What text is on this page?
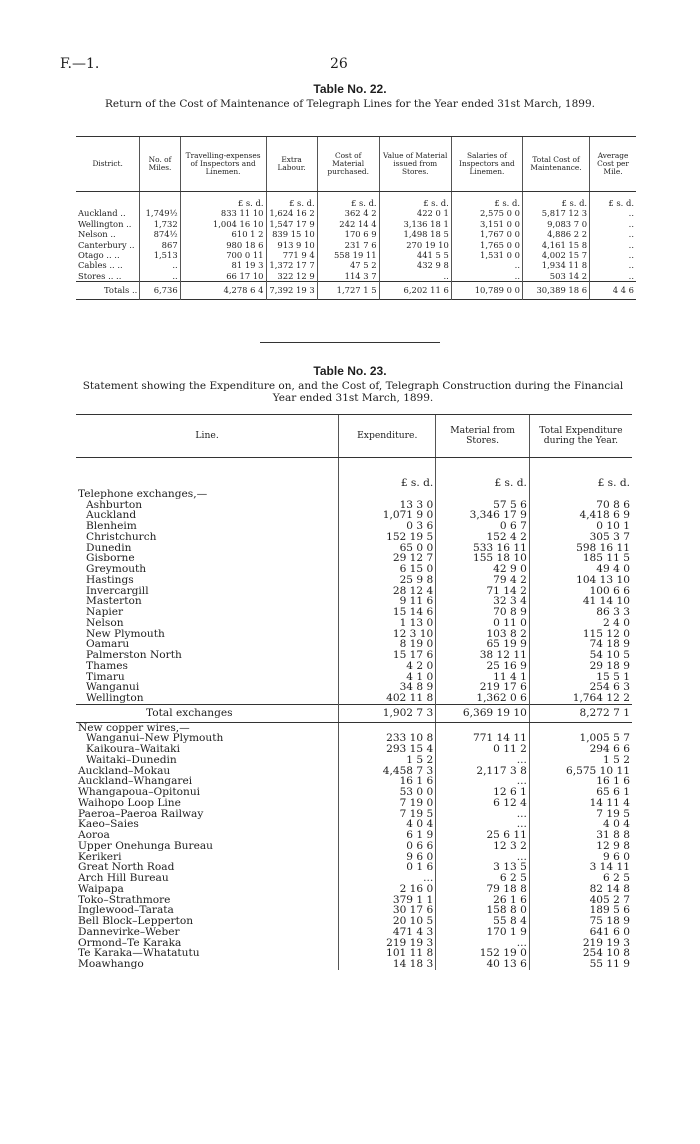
F.—1.	26
Table No. 22.
Return of the Cost of Maintenance of Telegraph Lines for the Year ended 31st March, 1899.

District.	No. of Miles.	Travelling-expenses of Inspectors and Linemen.	Extra Labour.	Cost of Material purchased.	Value of Material issued from Stores.	Salaries of Inspectors and Linemen.	Total Cost of Maintenance.	Average Cost per Mile.
		£ s. d.	£ s. d.	£ s. d.	£ s. d.	£ s. d.	£ s. d.	£ s. d.
Auckland ..	1,749½	833 11 10	1,624 16 2	362 4 2	422 0 1	2,575 0 0	5,817 12 3	..
Wellington ..	1,732	1,004 16 10	1,547 17 9	242 14 4	3,136 18 1	3,151 0 0	9,083 7 0	..
Nelson ..	874½	610 1 2	839 15 10	170 6 9	1,498 18 5	1,767 0 0	4,886 2 2	..
Canterbury ..	867	980 18 6	913 9 10	231 7 6	270 19 10	1,765 0 0	4,161 15 8	..
Otago .. ..	1,513	700 0 11	771 9 4	558 19 11	441 5 5	1,531 0 0	4,002 15 7	..
Cables .. ..	..	81 19 3	1,372 17 7	47 5 2	432 9 8	..	1,934 11 8	..
Stores .. ..	..	66 17 10	322 12 9	114 3 7	..	..	503 14 2	..
Totals ..	6,736	4,278 6 4	7,392 19 3	1,727 1 5	6,202 11 6	10,789 0 0	30,389 18 6	4 4 6

Table No. 23.
Statement showing the Expenditure on, and the Cost of, Telegraph Construction during the Financial Year ended 31st March, 1899.

Line.	Expenditure.	Material from Stores.	Total Expenditure during the Year.
	£ s. d.	£ s. d.	£ s. d.
Telephone exchanges,—			
Ashburton	13 3 0	57 5 6	70 8 6
Auckland	1,071 9 0	3,346 17 9	4,418 6 9
Blenheim	0 3 6	0 6 7	0 10 1
Christchurch	152 19 5	152 4 2	305 3 7
Dunedin	65 0 0	533 16 11	598 16 11
Gisborne	29 12 7	155 18 10	185 11 5
Greymouth	6 15 0	42 9 0	49 4 0
Hastings	25 9 8	79 4 2	104 13 10
Invercargill	28 12 4	71 14 2	100 6 6
Masterton	9 11 6	32 3 4	41 14 10
Napier	15 14 6	70 8 9	86 3 3
Nelson	1 13 0	0 11 0	2 4 0
New Plymouth	12 3 10	103 8 2	115 12 0
Oamaru	8 19 0	65 19 9	74 18 9
Palmerston North	15 17 6	38 12 11	54 10 5
Thames	4 2 0	25 16 9	29 18 9
Timaru	4 1 0	11 4 1	15 5 1
Wanganui	34 8 9	219 17 6	254 6 3
Wellington	402 11 8	1,362 0 6	1,764 12 2
Total exchanges	1,902 7 3	6,369 19 10	8,272 7 1
New copper wires,—			
Wanganui–New Plymouth	233 10 8	771 14 11	1,005 5 7
Kaikoura–Waitaki	293 15 4	0 11 2	294 6 6
Waitaki–Dunedin	1 5 2	...	1 5 2
Auckland–Mokau	4,458 7 3	2,117 3 8	6,575 10 11
Auckland–Whangarei	16 1 6	...	16 1 6
Whangapoua–Opitonui	53 0 0	12 6 1	65 6 1
Waihopo Loop Line	7 19 0	6 12 4	14 11 4
Paeroa–Paeroa Railway	7 19 5	...	7 19 5
Kaeo–Saies	4 0 4	...	4 0 4
Aoroa	6 1 9	25 6 11	31 8 8
Upper Onehunga Bureau	0 6 6	12 3 2	12 9 8
Kerikeri	9 6 0	...	9 6 0
Great North Road	0 1 6	3 13 5	3 14 11
Arch Hill Bureau	...	6 2 5	6 2 5
Waipapa	2 16 0	79 18 8	82 14 8
Toko–Strathmore	379 1 1	26 1 6	405 2 7
Inglewood–Tarata	30 17 6	158 8 0	189 5 6
Bell Block–Lepperton	20 10 5	55 8 4	75 18 9
Dannevirke–Weber	471 4 3	170 1 9	641 6 0
Ormond–Te Karaka	219 19 3	...	219 19 3
Te Karaka—Whatatutu	101 11 8	152 19 0	254 10 8
Moawhango	14 18 3	40 13 6	55 11 9
